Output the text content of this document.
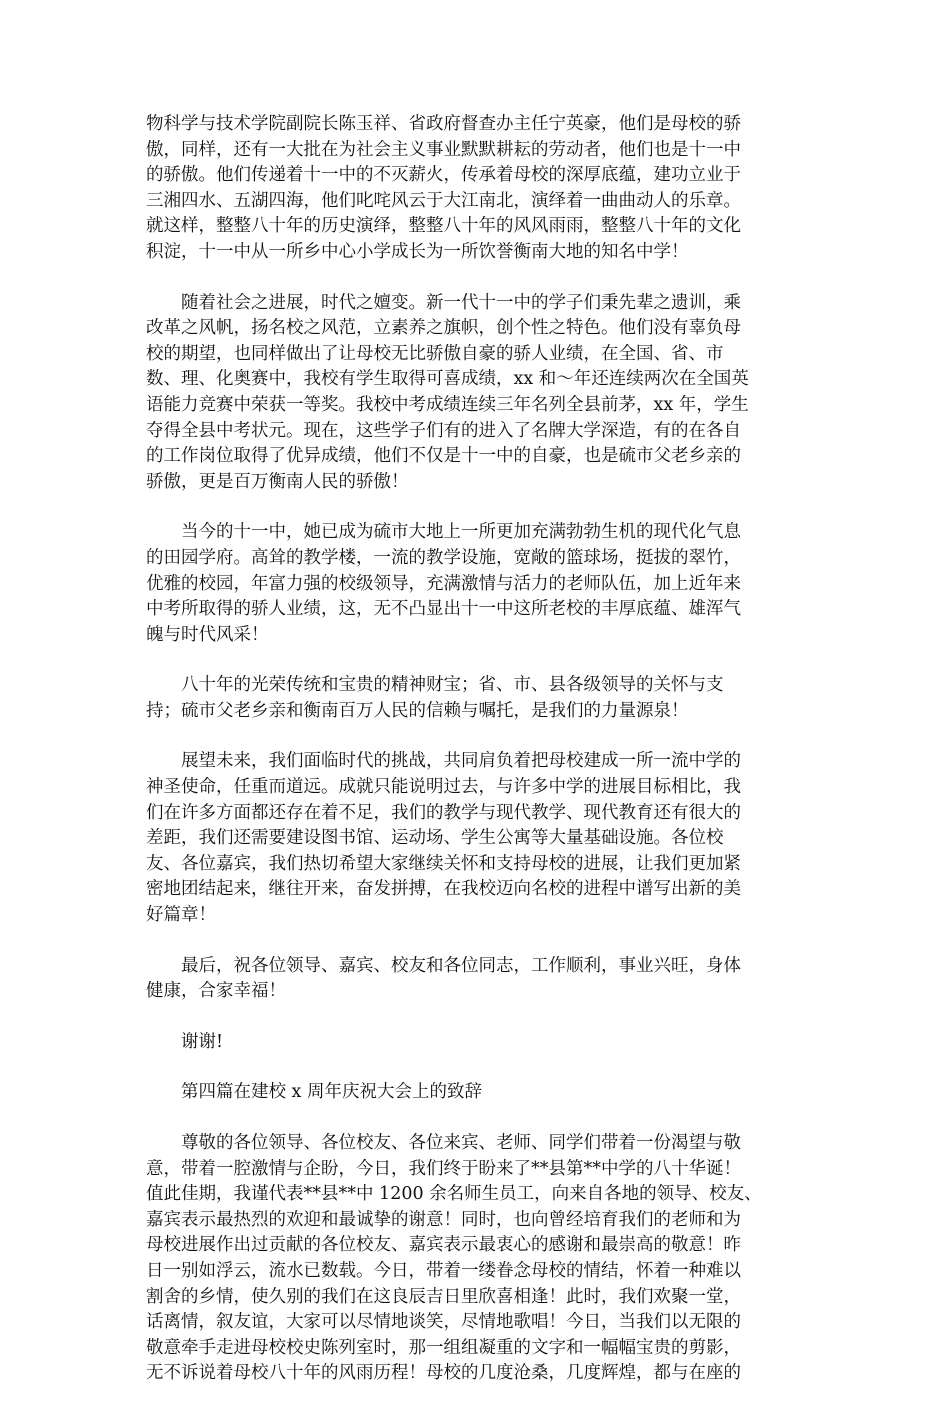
物科学与技术学院副院长陈玉祥、省政府督查办主任宁英豪，他们是母校的骄
傲，同样，还有一大批在为社会主义事业默默耕耘的劳动者，他们也是十一中
的骄傲。他们传递着十一中的不灭薪火，传承着母校的深厚底蕴，建功立业于
三湘四水、五湖四海，他们叱咤风云于大江南北，演绎着一曲曲动人的乐章。
就这样，整整八十年的历史演绎，整整八十年的风风雨雨，整整八十年的文化
积淀，十一中从一所乡中心小学成长为一所饮誉衡南大地的知名中学！

随着社会之进展，时代之嬗变。新一代十一中的学子们秉先辈之遗训，乘
改革之风帆，扬名校之风范，立素养之旗帜，创个性之特色。他们没有辜负母
校的期望，也同样做出了让母校无比骄傲自豪的骄人业绩，在全国、省、市
数、理、化奥赛中，我校有学生取得可喜成绩，xx 和～年还连续两次在全国英
语能力竞赛中荣获一等奖。我校中考成绩连续三年名列全县前茅，xx 年，学生
夺得全县中考状元。现在，这些学子们有的进入了名牌大学深造，有的在各自
的工作岗位取得了优异成绩，他们不仅是十一中的自豪，也是硫市父老乡亲的
骄傲，更是百万衡南人民的骄傲！

当今的十一中，她已成为硫市大地上一所更加充满勃勃生机的现代化气息
的田园学府。高耸的教学楼，一流的教学设施，宽敞的篮球场，挺拔的翠竹，
优雅的校园，年富力强的校级领导，充满激情与活力的老师队伍，加上近年来
中考所取得的骄人业绩，这，无不凸显出十一中这所老校的丰厚底蕴、雄浑气
魄与时代风采！

八十年的光荣传统和宝贵的精神财宝；省、市、县各级领导的关怀与支
持；硫市父老乡亲和衡南百万人民的信赖与嘱托，是我们的力量源泉！

展望未来，我们面临时代的挑战，共同肩负着把母校建成一所一流中学的
神圣使命，任重而道远。成就只能说明过去，与许多中学的进展目标相比，我
们在许多方面都还存在着不足，我们的教学与现代教学、现代教育还有很大的
差距，我们还需要建设图书馆、运动场、学生公寓等大量基础设施。各位校
友、各位嘉宾，我们热切希望大家继续关怀和支持母校的进展，让我们更加紧
密地团结起来，继往开来，奋发拼搏，在我校迈向名校的进程中谱写出新的美
好篇章！

最后，祝各位领导、嘉宾、校友和各位同志，工作顺利，事业兴旺，身体
健康，合家幸福！

谢谢!

第四篇在建校 x 周年庆祝大会上的致辞

尊敬的各位领导、各位校友、各位来宾、老师、同学们带着一份渴望与敬
意，带着一腔激情与企盼，今日，我们终于盼来了**县第**中学的八十华诞！
值此佳期，我谨代表**县**中 1200 余名师生员工，向来自各地的领导、校友、
嘉宾表示最热烈的欢迎和最诚挚的谢意！同时，也向曾经培育我们的老师和为
母校进展作出过贡献的各位校友、嘉宾表示最衷心的感谢和最崇高的敬意！昨
日一别如浮云，流水已数载。今日，带着一缕眷念母校的情结，怀着一种难以
割舍的乡情，使久别的我们在这良辰吉日里欣喜相逢！此时，我们欢聚一堂，
话离情，叙友谊，大家可以尽情地谈笑，尽情地歌唱！今日，当我们以无限的
敬意牵手走进母校校史陈列室时，那一组组凝重的文字和一幅幅宝贵的剪影，
无不诉说着母校八十年的风雨历程！母校的几度沧桑，几度辉煌，都与在座的
